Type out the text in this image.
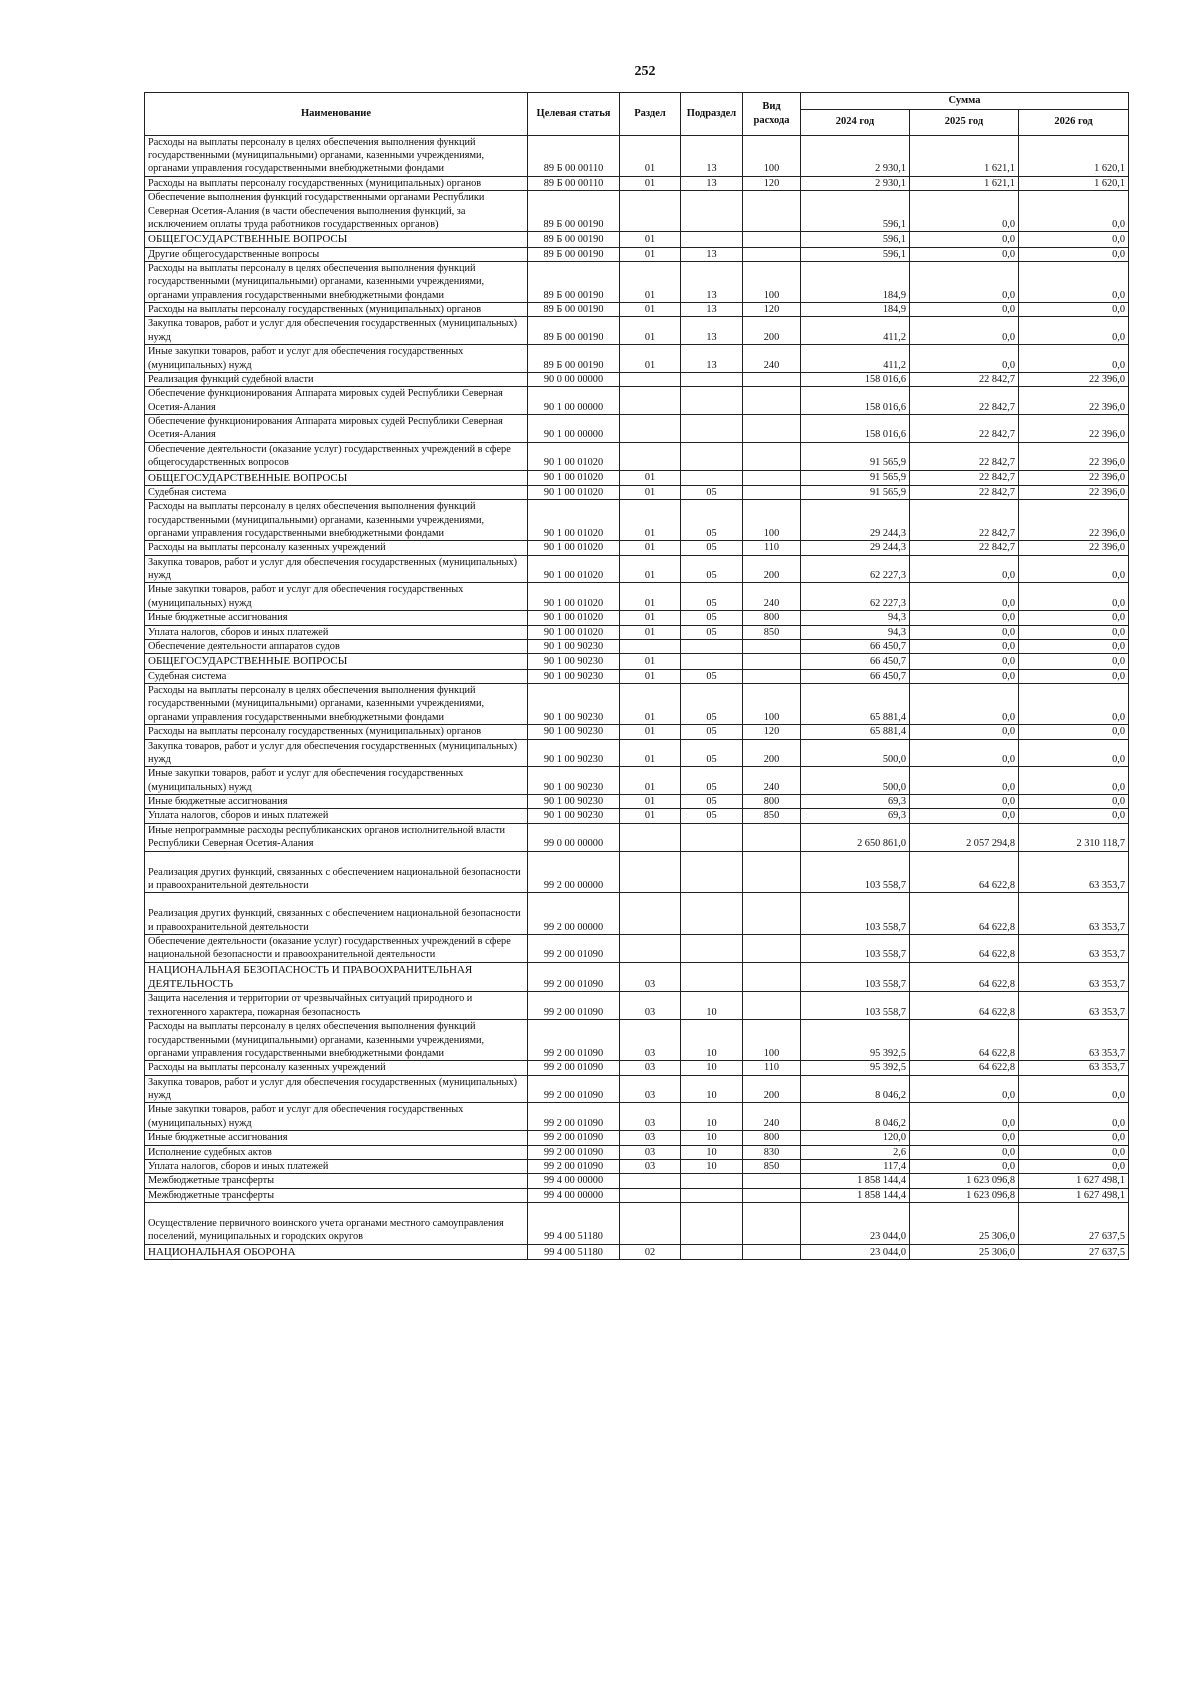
252
Наименование	Целевая статья	Раздел	Подраздел	Вид расхода	Сумма		
					2024 год	2025 год	2026 год
Расходы на выплаты персоналу в целях обеспечения выполнения функций государственными (муниципальными) органами, казенными учреждениями, органами управления государственными внебюджетными фондами	89 Б 00 00110	01	13	100	2 930,1	1 621,1	1 620,1
Расходы на выплаты персоналу государственных (муниципальных) органов	89 Б 00 00110	01	13	120	2 930,1	1 621,1	1 620,1
Обеспечение выполнения функций государственными органами Республики Северная Осетия-Алания (в части обеспечения выполнения функций, за исключением оплаты труда работников государственных органов)	89 Б 00 00190				596,1	0,0	0,0
ОБЩЕГОСУДАРСТВЕННЫЕ ВОПРОСЫ	89 Б 00 00190	01			596,1	0,0	0,0
Другие общегосударственные вопросы	89 Б 00 00190	01	13		596,1	0,0	0,0
Расходы на выплаты персоналу в целях обеспечения выполнения функций государственными (муниципальными) органами, казенными учреждениями, органами управления государственными внебюджетными фондами	89 Б 00 00190	01	13	100	184,9	0,0	0,0
Расходы на выплаты персоналу государственных (муниципальных) органов	89 Б 00 00190	01	13	120	184,9	0,0	0,0
Закупка товаров, работ и услуг для обеспечения государственных (муниципальных) нужд	89 Б 00 00190	01	13	200	411,2	0,0	0,0
Иные закупки товаров, работ и услуг для обеспечения государственных (муниципальных) нужд	89 Б 00 00190	01	13	240	411,2	0,0	0,0
Реализация функций судебной власти	90 0 00 00000				158 016,6	22 842,7	22 396,0
Обеспечение функционирования Аппарата мировых судей Республики Северная Осетия-Алания	90 1 00 00000				158 016,6	22 842,7	22 396,0
Обеспечение функционирования Аппарата мировых судей Республики Северная Осетия-Алания	90 1 00 00000				158 016,6	22 842,7	22 396,0
Обеспечение деятельности (оказание услуг) государственных учреждений в сфере общегосударственных вопросов	90 1 00 01020				91 565,9	22 842,7	22 396,0
ОБЩЕГОСУДАРСТВЕННЫЕ ВОПРОСЫ	90 1 00 01020	01			91 565,9	22 842,7	22 396,0
Судебная система	90 1 00 01020	01	05		91 565,9	22 842,7	22 396,0
Расходы на выплаты персоналу в целях обеспечения выполнения функций государственными (муниципальными) органами, казенными учреждениями, органами управления государственными внебюджетными фондами	90 1 00 01020	01	05	100	29 244,3	22 842,7	22 396,0
Расходы на выплаты персоналу казенных учреждений	90 1 00 01020	01	05	110	29 244,3	22 842,7	22 396,0
Закупка товаров, работ и услуг для обеспечения государственных (муниципальных) нужд	90 1 00 01020	01	05	200	62 227,3	0,0	0,0
Иные закупки товаров, работ и услуг для обеспечения государственных (муниципальных) нужд	90 1 00 01020	01	05	240	62 227,3	0,0	0,0
Иные бюджетные ассигнования	90 1 00 01020	01	05	800	94,3	0,0	0,0
Уплата налогов, сборов и иных платежей	90 1 00 01020	01	05	850	94,3	0,0	0,0
Обеспечение деятельности аппаратов судов	90 1 00 90230				66 450,7	0,0	0,0
ОБЩЕГОСУДАРСТВЕННЫЕ ВОПРОСЫ	90 1 00 90230	01			66 450,7	0,0	0,0
Судебная система	90 1 00 90230	01	05		66 450,7	0,0	0,0
Расходы на выплаты персоналу в целях обеспечения выполнения функций государственными (муниципальными) органами, казенными учреждениями, органами управления государственными внебюджетными фондами	90 1 00 90230	01	05	100	65 881,4	0,0	0,0
Расходы на выплаты персоналу государственных (муниципальных) органов	90 1 00 90230	01	05	120	65 881,4	0,0	0,0
Закупка товаров, работ и услуг для обеспечения государственных (муниципальных) нужд	90 1 00 90230	01	05	200	500,0	0,0	0,0
Иные закупки товаров, работ и услуг для обеспечения государственных (муниципальных) нужд	90 1 00 90230	01	05	240	500,0	0,0	0,0
Иные бюджетные ассигнования	90 1 00 90230	01	05	800	69,3	0,0	0,0
Уплата налогов, сборов и иных платежей	90 1 00 90230	01	05	850	69,3	0,0	0,0
Иные непрограммные расходы республиканских органов исполнительной власти Республики Северная Осетия-Алания	99 0 00 00000				2 650 861,0	2 057 294,8	2 310 118,7
Реализация других функций, связанных с обеспечением национальной безопасности и правоохранительной деятельности	99 2 00 00000				103 558,7	64 622,8	63 353,7
Реализация других функций, связанных с обеспечением национальной безопасности и правоохранительной деятельности	99 2 00 00000				103 558,7	64 622,8	63 353,7
Обеспечение деятельности (оказание услуг) государственных учреждений в сфере национальной безопасности и правоохранительной деятельности	99 2 00 01090				103 558,7	64 622,8	63 353,7
НАЦИОНАЛЬНАЯ БЕЗОПАСНОСТЬ И ПРАВООХРАНИТЕЛЬНАЯ ДЕЯТЕЛЬНОСТЬ	99 2 00 01090	03			103 558,7	64 622,8	63 353,7
Защита населения и территории от чрезвычайных ситуаций природного и техногенного характера, пожарная безопасность	99 2 00 01090	03	10		103 558,7	64 622,8	63 353,7
Расходы на выплаты персоналу в целях обеспечения выполнения функций государственными (муниципальными) органами, казенными учреждениями, органами управления государственными внебюджетными фондами	99 2 00 01090	03	10	100	95 392,5	64 622,8	63 353,7
Расходы на выплаты персоналу казенных учреждений	99 2 00 01090	03	10	110	95 392,5	64 622,8	63 353,7
Закупка товаров, работ и услуг для обеспечения государственных (муниципальных) нужд	99 2 00 01090	03	10	200	8 046,2	0,0	0,0
Иные закупки товаров, работ и услуг для обеспечения государственных (муниципальных) нужд	99 2 00 01090	03	10	240	8 046,2	0,0	0,0
Иные бюджетные ассигнования	99 2 00 01090	03	10	800	120,0	0,0	0,0
Исполнение судебных актов	99 2 00 01090	03	10	830	2,6	0,0	0,0
Уплата налогов, сборов и иных платежей	99 2 00 01090	03	10	850	117,4	0,0	0,0
Межбюджетные трансферты	99 4 00 00000				1 858 144,4	1 623 096,8	1 627 498,1
Межбюджетные трансферты	99 4 00 00000				1 858 144,4	1 623 096,8	1 627 498,1
Осуществление первичного воинского учета органами местного самоуправления поселений, муниципальных и городских округов	99 4 00 51180				23 044,0	25 306,0	27 637,5
НАЦИОНАЛЬНАЯ ОБОРОНА	99 4 00 51180	02			23 044,0	25 306,0	27 637,5
